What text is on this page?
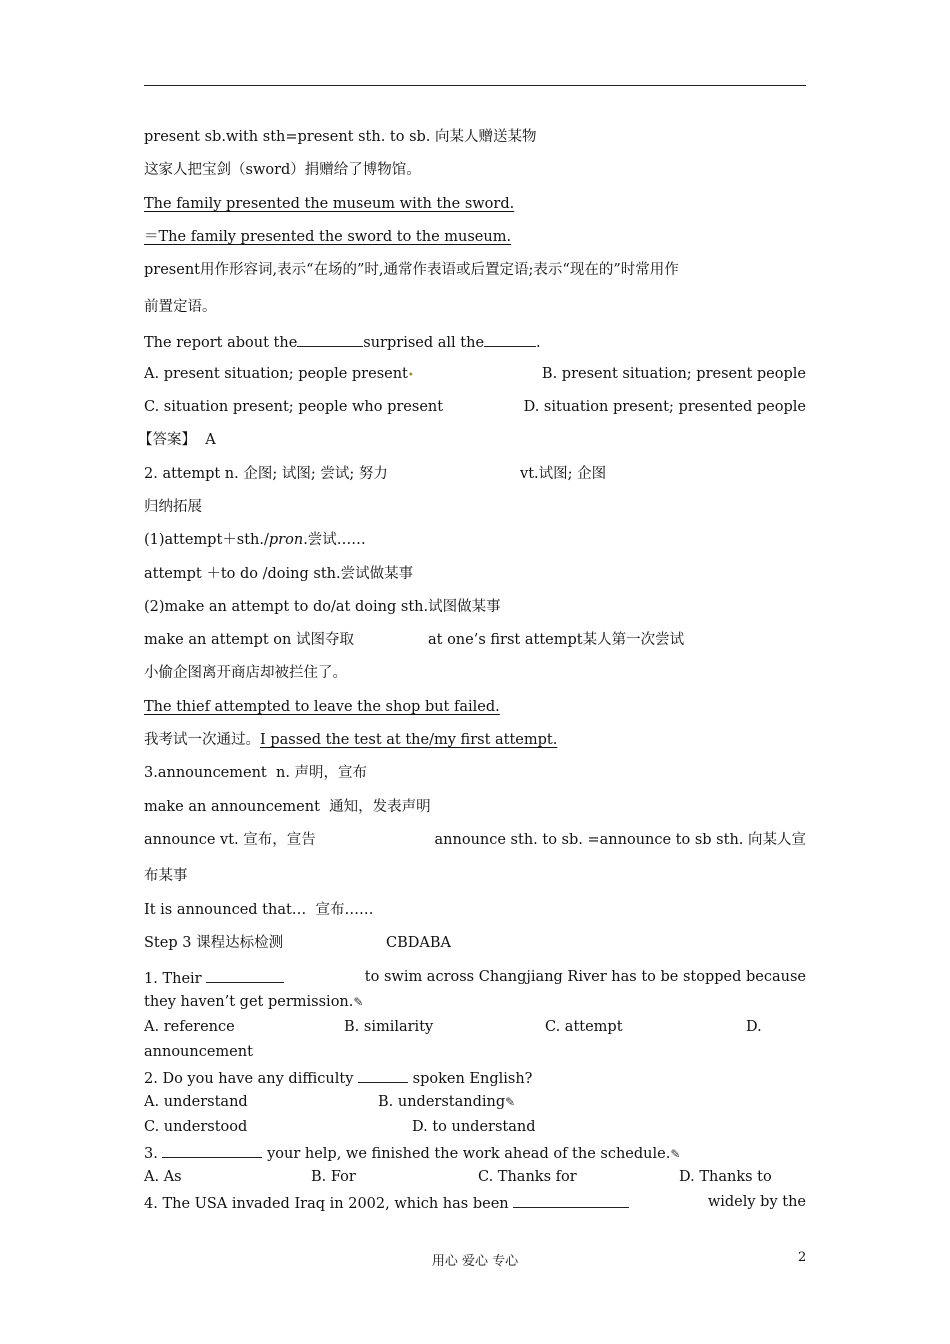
present sb.with sth=present sth. to sb. 向某人赠送某物
这家人把宝剑（sword）捐赠给了博物馆。
The family presented the museum with the sword.
＝The family presented the sword to the museum.
present用作形容词,表示“在场的”时,通常作表语或后置定语;表示“现在的”时常用作
前置定语。
The report about the	surprised all the	.
A. present situation; people present•	B. present situation; present people
C. situation present; people who present	D. situation present; presented people
【答案】  A
2. attempt n. 企图; 试图; 尝试; 努力	vt.试图; 企图
归纳拓展
(1)attempt＋sth./pron.尝试……
attempt ＋to do /doing sth.尝试做某事
(2)make an attempt to do/at doing sth.试图做某事
make an attempt on 试图夺取	at one’s first attempt某人第一次尝试
小偷企图离开商店却被拦住了。
The thief attempted to leave the shop but failed.
我考试一次通过。I passed the test at the/my first attempt.
3.announcement  n. 声明，宣布
make an announcement  通知，发表声明
announce vt. 宣布，宣告	announce sth. to sb. =announce to sb sth. 向某人宣
布某事
It is announced that…  宣布……
Step 3 课程达标检测	CBDABA
1. Their	to swim across Changjiang River has to be stopped because
they haven’t get permission.✎
A. reference	B. similarity	C. attempt	D.
announcement
2. Do you have any difficulty	spoken English?
A. understand	B. understanding✎
C. understood	D. to understand
3.	your help, we finished the work ahead of the schedule.✎
A. As	B. For	C. Thanks for	D. Thanks to
4. The USA invaded Iraq in 2002, which has been	widely by the
用心 爱心 专心	2
